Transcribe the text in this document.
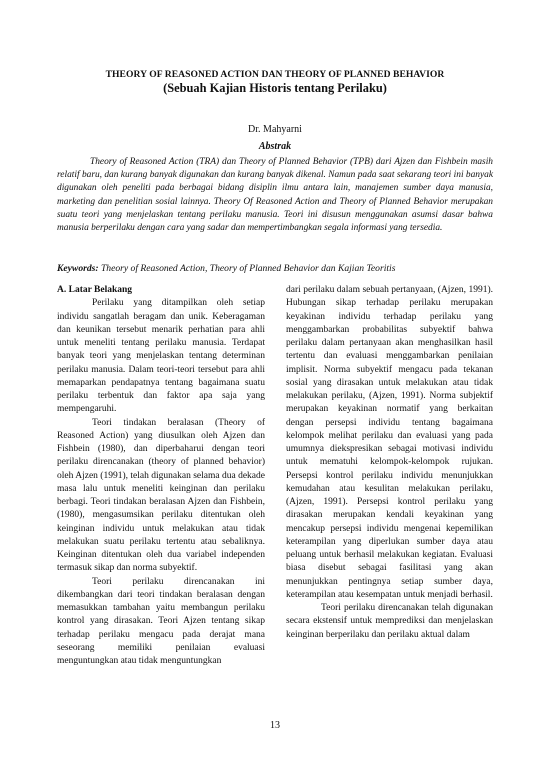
THEORY OF REASONED ACTION DAN THEORY OF PLANNED BEHAVIOR
(Sebuah Kajian Historis tentang Perilaku)
Dr. Mahyarni
Abstrak

Theory of Reasoned Action (TRA) dan Theory of Planned Behavior (TPB) dari Ajzen dan Fishbein masih relatif baru, dan kurang banyak digunakan dan kurang banyak dikenal. Namun pada saat sekarang teori ini banyak digunakan oleh peneliti pada berbagai bidang disiplin ilmu antara lain, manajemen sumber daya manusia, marketing dan penelitian sosial lainnya. Theory Of Reasoned Action and Theory of Planned Behavior merupakan suatu teori yang menjelaskan tentang perilaku manusia. Teori ini disusun menggunakan asumsi dasar bahwa manusia berperilaku dengan cara yang sadar dan mempertimbangkan segala informasi yang tersedia.

Keywords: Theory of Reasoned Action, Theory of Planned Behavior dan Kajian Teoritis

A. Latar Belakang

Perilaku yang ditampilkan oleh setiap individu sangatlah beragam dan unik. Keberagaman dan keunikan tersebut menarik perhatian para ahli untuk meneliti tentang perilaku manusia. Terdapat banyak teori yang menjelaskan tentang determinan perilaku manusia. Dalam teori-teori tersebut para ahli memaparkan pendapatnya tentang bagaimana suatu perilaku terbentuk dan faktor apa saja yang mempengaruhi.

Teori tindakan beralasan (Theory of Reasoned Action) yang diusulkan oleh Ajzen dan Fishbein (1980), dan diperbaharui dengan teori perilaku direncanakan (theory of planned behavior) oleh Ajzen (1991), telah digunakan selama dua dekade masa lalu untuk meneliti keinginan dan perilaku berbagi. Teori tindakan beralasan Ajzen dan Fishbein, (1980), mengasumsikan perilaku ditentukan oleh keinginan individu untuk melakukan atau tidak melakukan suatu perilaku tertentu atau sebaliknya. Keinginan ditentukan oleh dua variabel independen termasuk sikap dan norma subyektif.

Teori perilaku direncanakan ini dikembangkan dari teori tindakan beralasan dengan memasukkan tambahan yaitu membangun perilaku kontrol yang dirasakan. Teori Ajzen tentang sikap terhadap perilaku mengacu pada derajat mana seseorang memiliki penilaian evaluasi menguntungkan atau tidak menguntungkan

dari perilaku dalam sebuah pertanyaan, (Ajzen, 1991). Hubungan sikap terhadap perilaku merupakan keyakinan individu terhadap perilaku yang menggambarkan probabilitas subyektif bahwa perilaku dalam pertanyaan akan menghasilkan hasil tertentu dan evaluasi menggambarkan penilaian implisit. Norma subyektif mengacu pada tekanan sosial yang dirasakan untuk melakukan atau tidak melakukan perilaku, (Ajzen, 1991). Norma subjektif merupakan keyakinan normatif yang berkaitan dengan persepsi individu tentang bagaimana kelompok melihat perilaku dan evaluasi yang pada umumnya diekspresikan sebagai motivasi individu untuk mematuhi kelompok-kelompok rujukan. Persepsi kontrol perilaku individu menunjukkan kemudahan atau kesulitan melakukan perilaku, (Ajzen, 1991). Persepsi kontrol perilaku yang dirasakan merupakan kendali keyakinan yang mencakup persepsi individu mengenai kepemilikan keterampilan yang diperlukan sumber daya atau peluang untuk berhasil melakukan kegiatan. Evaluasi biasa disebut sebagai fasilitasi yang akan menunjukkan pentingnya setiap sumber daya, keterampilan atau kesempatan untuk menjadi berhasil.

Teori perilaku direncanakan telah digunakan secara ekstensif untuk memprediksi dan menjelaskan keinginan berperilaku dan perilaku aktual dalam

13
